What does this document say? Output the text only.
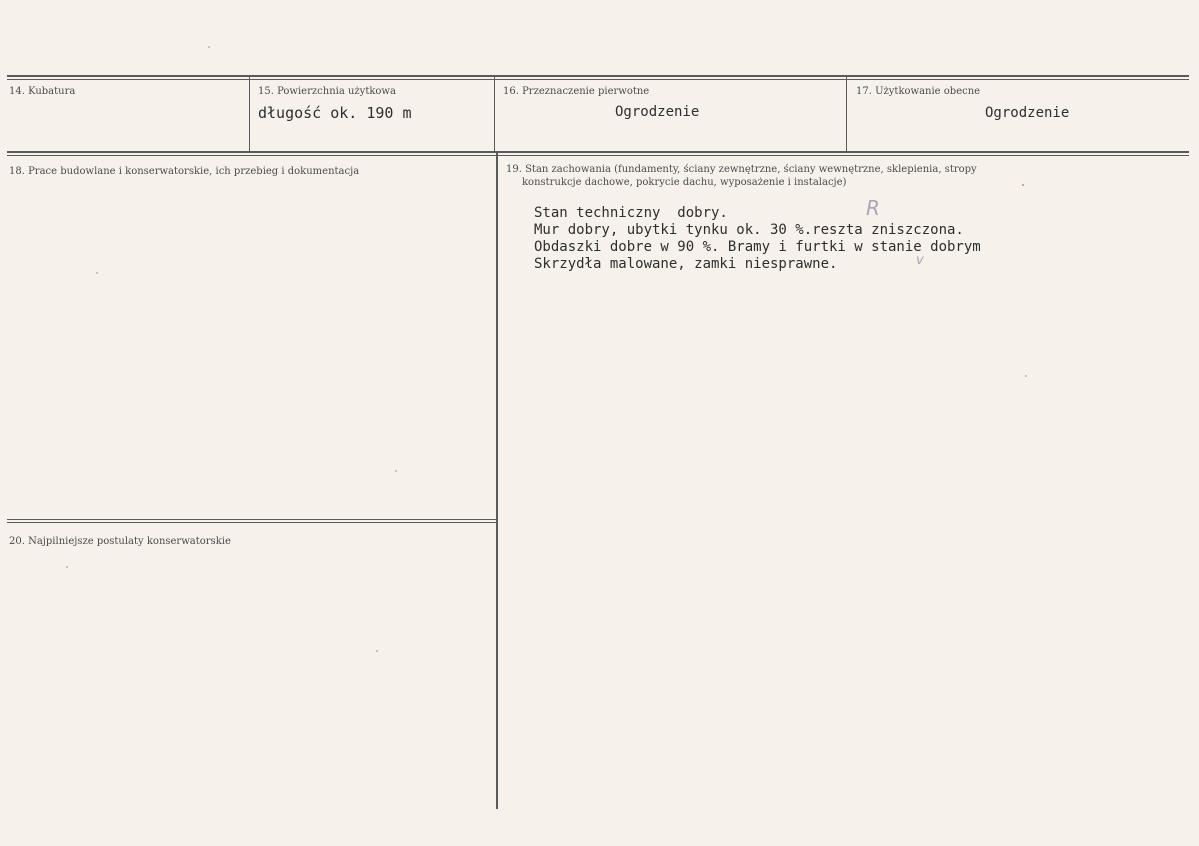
14. Kubatura	15. Powierzchnia użytkowa
długość ok. 190 m
16. Przeznaczenie pierwotne
Ogrodzenie
17. Użytkowanie obecne
Ogrodzenie
18. Prace budowlane i konserwatorskie, ich przebieg i dokumentacja	19. Stan zachowania (fundamenty, ściany zewnętrzne, ściany wewnętrzne, sklepienia, stropy
konstrukcje dachowe, pokrycie dachu, wyposażenie i instalacje)
Stan techniczny  dobry.
Mur dobry, ubytki tynku ok. 30 %.reszta zniszczona.
Obdaszki dobre w 90 %. Bramy i furtki w stanie dobrym
Skrzydła malowane, zamki niesprawne.
R
v
20. Najpilniejsze postulaty konserwatorskie
